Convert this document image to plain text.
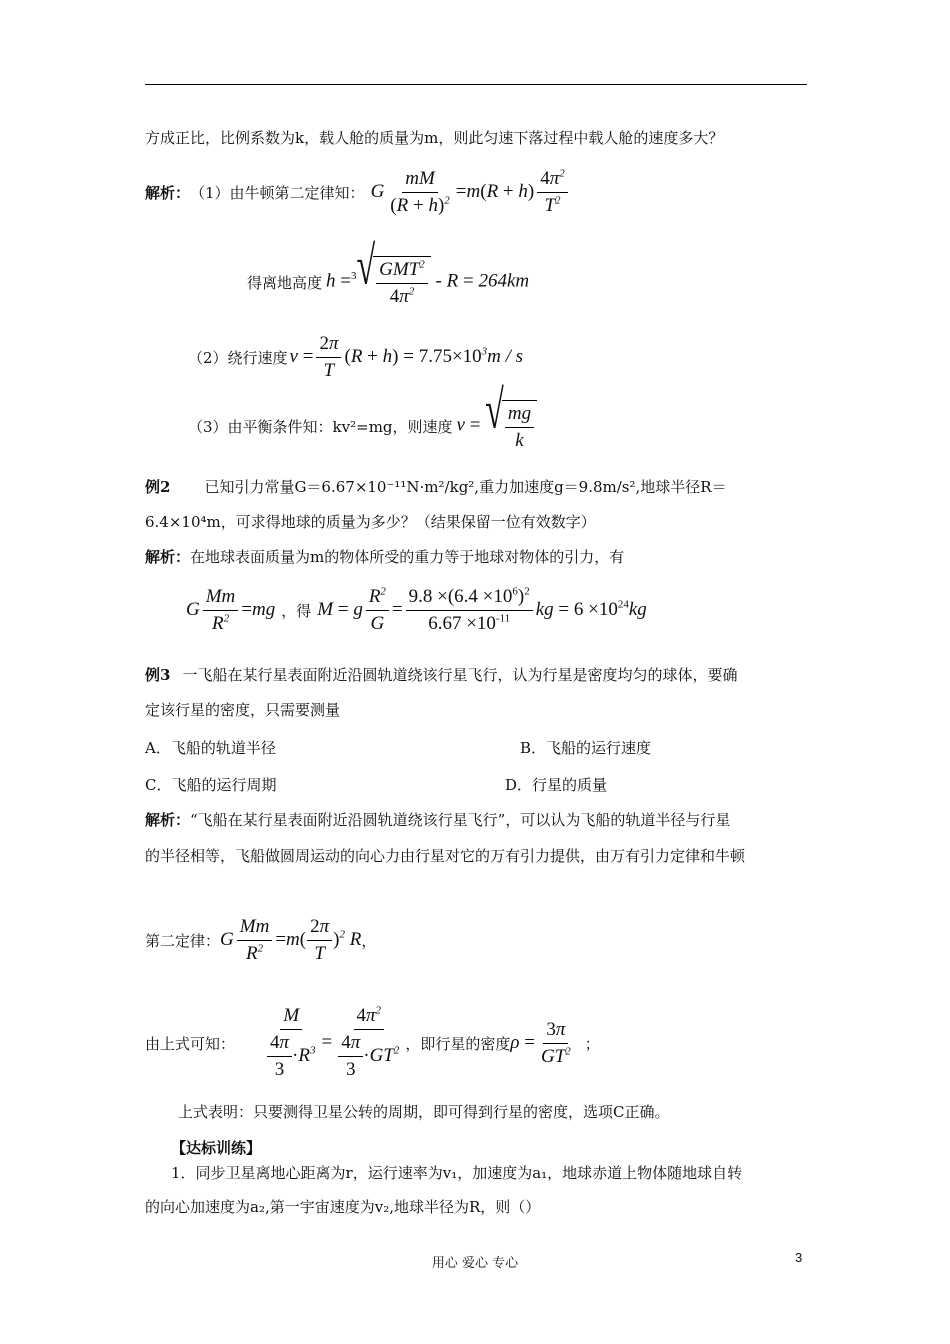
方成正比，比例系数为k，载人舱的质量为m，则此匀速下落过程中载人舱的速度多大？
解析： （1）由牛顿第二定律知： G $\frac{mM}{(R + h)^2} =m(R + h) \frac{4\pi^2}{T^2}$
得离地高度 h =$^3$ √ $\frac{GMT^2}{4\pi^2} - R = 264km$
（2）绕行速度 $v = \frac{2\pi}{T} (R + h) = 7.75\times 10^3m / s$
（3）由平衡条件知：kv²=mg，则速度 v = √ $\frac{mg}{k}$
例2 已知引力常量G＝6.67×10⁻¹¹N·m²/kg²,重力加速度g＝9.8m/s²,地球半径R＝
6.4×10⁴m，可求得地球的质量为多少？（结果保留一位有效数字）
解析：在地球表面质量为m的物体所受的重力等于地球对物体的引力，有
G $\frac{Mm}{R^2} =mg$ ，得 M = g $\frac{R^2}{G} = \frac{9.8 \times(6.4 \times 10^6)^2}{6.67 \times 10^{-11}}$ kg = $6 \times 10^{24}kg$
例3 一飞船在某行星表面附近沿圆轨道绕该行星飞行，认为行星是密度均匀的球体，要确
定该行星的密度，只需要测量
A．飞船的轨道半径	B．飞船的运行速度
C．飞船的运行周期	D．行星的质量
解析：“飞船在某行星表面附近沿圆轨道绕该行星飞行”，可以认为飞船的轨道半径与行星
的半径相等，飞船做圆周运动的向心力由行星对它的万有引力提供，由万有引力定律和牛顿
第二定律： G $\frac{Mm}{R^2} =m( \frac{2\pi}{T} )^2$ R ，
由上式可知： $\frac{M}{\frac{4\pi}{3} \cdot R^3} = \frac{4\pi^2}{\frac{4\pi}{3} \cdot GT^2}$ ，即行星的密度 $\rho = \frac{3\pi}{GT^2}$ ；
上式表明：只要测得卫星公转的周期，即可得到行星的密度，选项C正确。
【达标训练】
1．同步卫星离地心距离为r，运行速率为v₁，加速度为a₁，地球赤道上物体随地球自转
的向心加速度为a₂,第一宇宙速度为v₂,地球半径为R，则（）
用心 爱心 专心	3
